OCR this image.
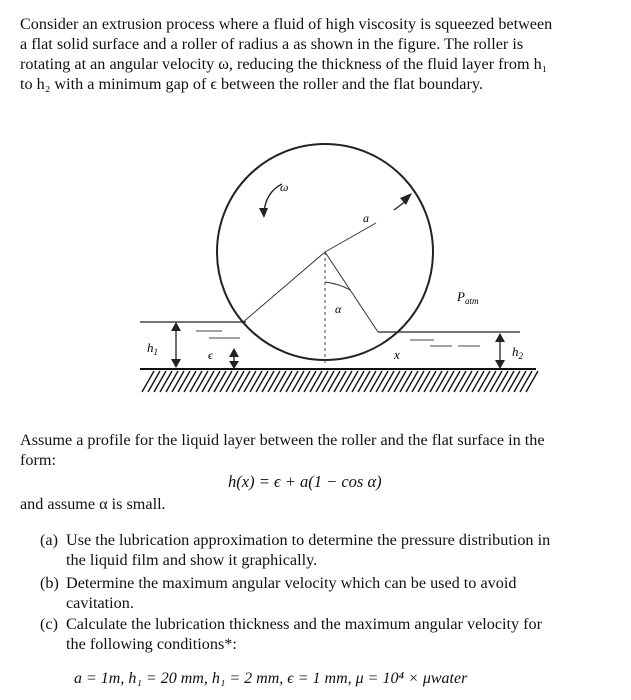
Consider an extrusion process where a fluid of high viscosity is squeezed between
a flat solid surface and a roller of radius a as shown in the figure. The roller is
rotating at an angular velocity ω, reducing the thickness of the fluid layer from h₁
to h₂ with a minimum gap of ϵ between the roller and the flat boundary.
ω
a
α
$P_{atm}$
$h_1$	ϵ	x	$h_2$
Assume a profile for the liquid layer between the roller and the flat surface in the
form:
h(x) = ϵ + a(1 − cos α)
and assume α is small.
(a) Use the lubrication approximation to determine the pressure distribution in
the liquid film and show it graphically.
(b) Determine the maximum angular velocity which can be used to avoid
cavitation.
(c) Calculate the lubrication thickness and the maximum angular velocity for
the following conditions*:
a = 1m, h₁ = 20 mm, h₁ = 2 mm, ϵ = 1 mm, μ = 10⁴ × μwater
